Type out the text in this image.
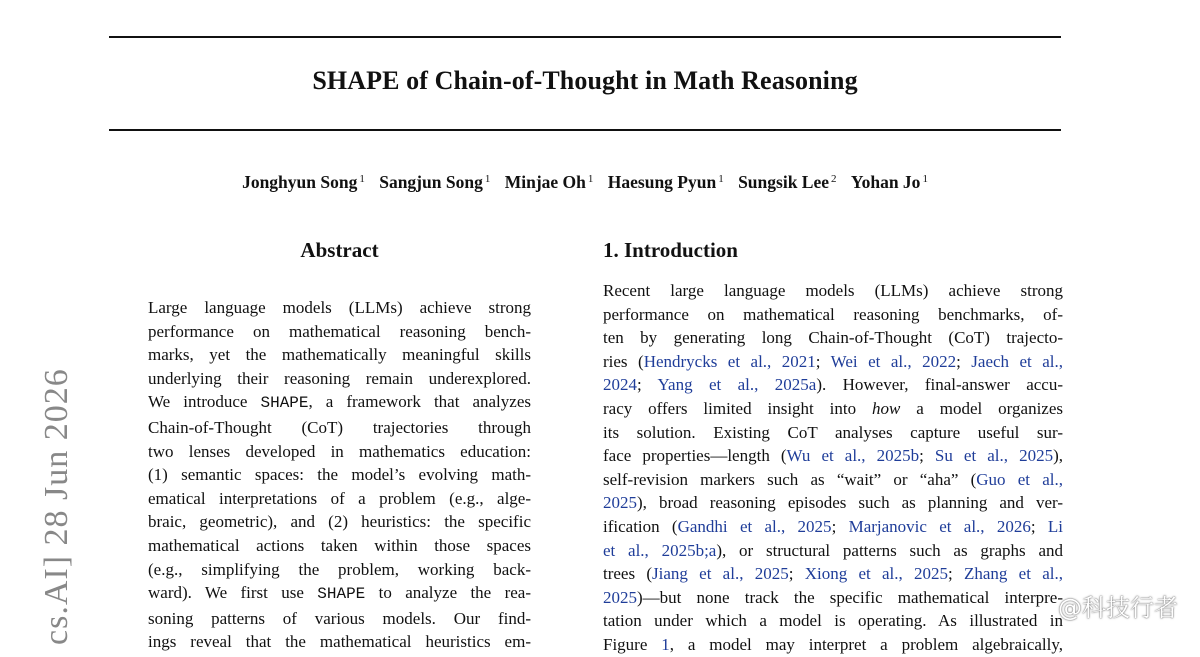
SHAPE of Chain-of-Thought in Math Reasoning
Jonghyun Song $^1$ Sangjun Song $^1$ Minjae Oh $^1$ Haesung Pyun $^1$ Sungsik Lee $^2$ Yohan Jo $^1$
cs.AI] 28 Jun 2026
Abstract
Large language models (LLMs) achieve strong
performance on mathematical reasoning bench-
marks, yet the mathematically meaningful skills
underlying their reasoning remain underexplored.
We introduce SHAPE, a framework that analyzes
Chain-of-Thought (CoT) trajectories through
two lenses developed in mathematics education:
(1) semantic spaces: the model’s evolving math-
ematical interpretations of a problem (e.g., alge-
braic, geometric), and (2) heuristics: the specific
mathematical actions taken within those spaces
(e.g., simplifying the problem, working back-
ward). We first use SHAPE to analyze the rea-
soning patterns of various models. Our find-
ings reveal that the mathematical heuristics em-
1. Introduction
Recent large language models (LLMs) achieve strong
performance on mathematical reasoning benchmarks, of-
ten by generating long Chain-of-Thought (CoT) trajecto-
ries (Hendrycks et al., 2021; Wei et al., 2022; Jaech et al.,
2024; Yang et al., 2025a). However, final-answer accu-
racy offers limited insight into how a model organizes
its solution. Existing CoT analyses capture useful sur-
face properties—length (Wu et al., 2025b; Su et al., 2025),
self-revision markers such as “wait” or “aha” (Guo et al.,
2025), broad reasoning episodes such as planning and ver-
ification (Gandhi et al., 2025; Marjanovic et al., 2026; Li
et al., 2025b;a), or structural patterns such as graphs and
trees (Jiang et al., 2025; Xiong et al., 2025; Zhang et al.,
2025)—but none track the specific mathematical interpre-
tation under which a model is operating. As illustrated in
Figure 1, a model may interpret a problem algebraically,
@科技行者
